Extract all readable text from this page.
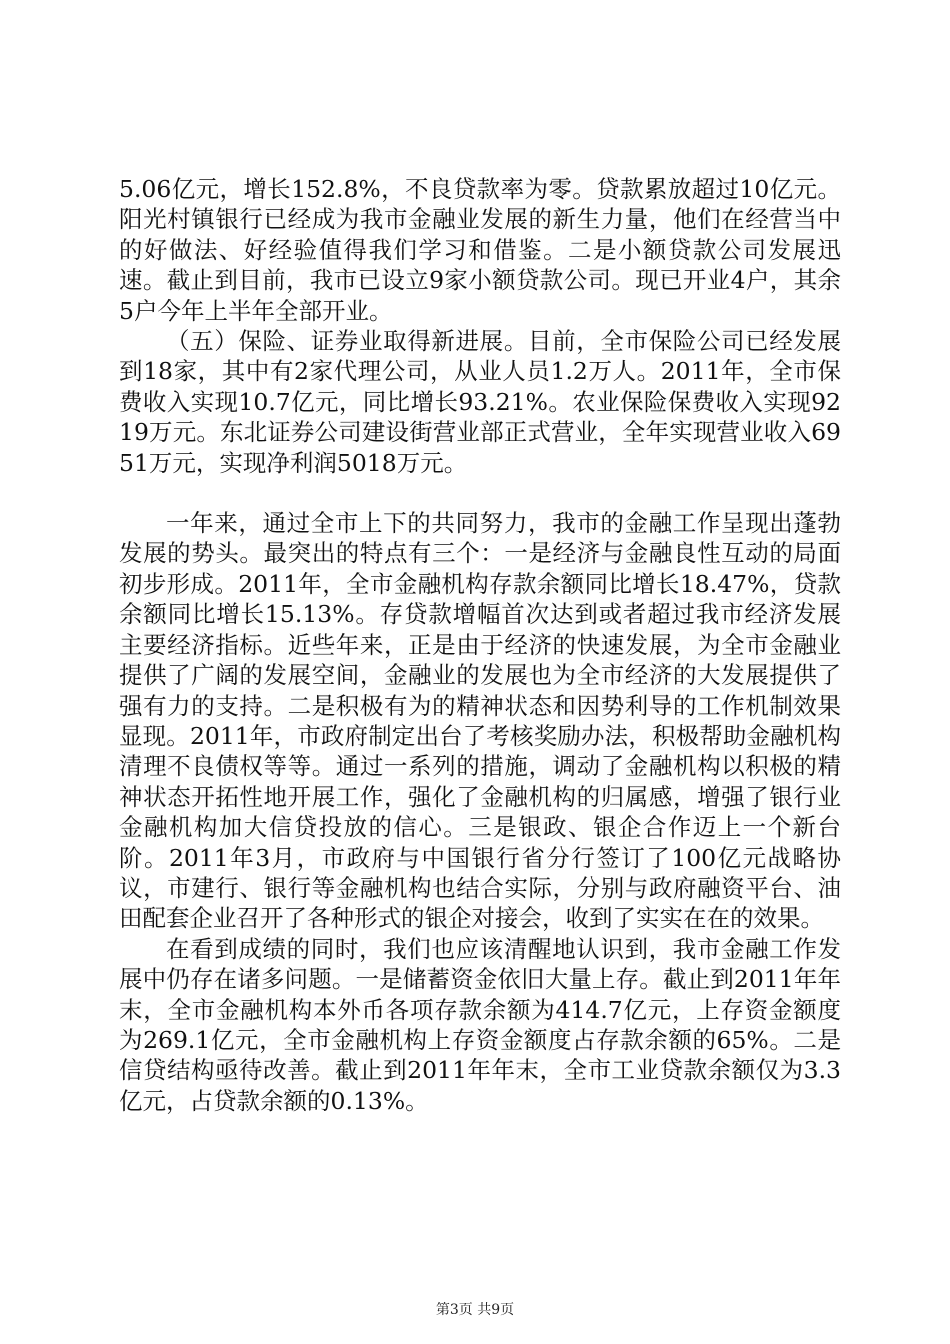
5.06亿元，增长152.8%，不良贷款率为零。贷款累放超过10亿元。阳光村镇银行已经成为我市金融业发展的新生力量，他们在经营当中的好做法、好经验值得我们学习和借鉴。二是小额贷款公司发展迅速。截止到目前，我市已设立9家小额贷款公司。现已开业4户，其余5户今年上半年全部开业。

（五）保险、证券业取得新进展。目前，全市保险公司已经发展到18家，其中有2家代理公司，从业人员1.2万人。2011年，全市保费收入实现10.7亿元，同比增长93.21%。农业保险保费收入实现9219万元。东北证券公司建设街营业部正式营业，全年实现营业收入6951万元，实现净利润5018万元。

一年来，通过全市上下的共同努力，我市的金融工作呈现出蓬勃发展的势头。最突出的特点有三个：一是经济与金融良性互动的局面初步形成。2011年，全市金融机构存款余额同比增长18.47%，贷款余额同比增长15.13%。存贷款增幅首次达到或者超过我市经济发展主要经济指标。近些年来，正是由于经济的快速发展，为全市金融业提供了广阔的发展空间，金融业的发展也为全市经济的大发展提供了强有力的支持。二是积极有为的精神状态和因势利导的工作机制效果显现。2011年，市政府制定出台了考核奖励办法，积极帮助金融机构清理不良债权等等。通过一系列的措施，调动了金融机构以积极的精神状态开拓性地开展工作，强化了金融机构的归属感，增强了银行业金融机构加大信贷投放的信心。三是银政、银企合作迈上一个新台阶。2011年3月，市政府与中国银行省分行签订了100亿元战略协议，市建行、银行等金融机构也结合实际，分别与政府融资平台、油田配套企业召开了各种形式的银企对接会，收到了实实在在的效果。

在看到成绩的同时，我们也应该清醒地认识到，我市金融工作发展中仍存在诸多问题。一是储蓄资金依旧大量上存。截止到2011年年末，全市金融机构本外币各项存款余额为414.7亿元，上存资金额度为269.1亿元，全市金融机构上存资金额度占存款余额的65%。二是信贷结构亟待改善。截止到2011年年末，全市工业贷款余额仅为3.3亿元，占贷款余额的0.13%。

第3页 共9页
